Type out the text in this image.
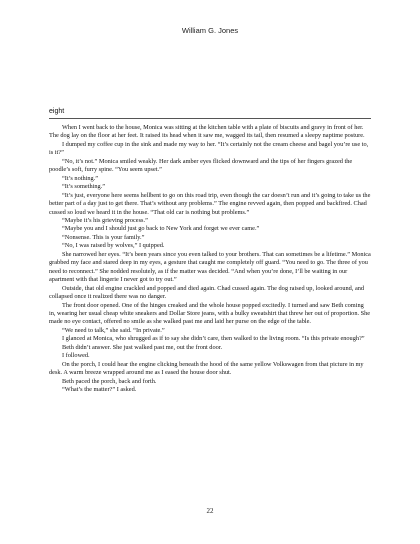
William G. Jones
eight

When I went back to the house, Monica was sitting at the kitchen table with a plate of biscuits and gravy in front of her. The dog lay on the floor at her feet. It raised its head when it saw me, wagged its tail, then resumed a sleepy naptime posture.

I dumped my coffee cup in the sink and made my way to her. “It’s certainly not the cream cheese and bagel you’re use to, is it?”

“No, it’s not.” Monica smiled weakly. Her dark amber eyes flicked downward and the tips of her fingers grazed the poodle’s soft, furry spine. “You seem upset.”

“It’s nothing.”

“It’s something.”

“It’s just, everyone here seems hellbent to go on this road trip, even though the car doesn’t run and it’s going to take us the better part of a day just to get there. That’s without any problems.” The engine revved again, then popped and backfired. Chad cussed so loud we heard it in the house. “That old car is nothing but problems.”

“Maybe it’s his grieving process.”

“Maybe you and I should just go back to New York and forget we ever came.”

“Nonsense. This is your family.”

“No, I was raised by wolves,” I quipped.

She narrowed her eyes. “It’s been years since you even talked to your brothers. That can sometimes be a lifetime.” Monica grabbed my face and stared deep in my eyes, a gesture that caught me completely off guard. “You need to go. The three of you need to reconnect.” She nodded resolutely, as if the matter was decided. “And when you’re done, I’ll be waiting in our apartment with that lingerie I never got to try out.”

Outside, that old engine crackled and popped and died again. Chad cussed again. The dog raised up, looked around, and collapsed once it realized there was no danger.

The front door opened. One of the hinges creaked and the whole house popped excitedly. I turned and saw Beth coming in, wearing her usual cheap white sneakers and Dollar Store jeans, with a bulky sweatshirt that threw her out of proportion. She made no eye contact, offered no smile as she walked past me and laid her purse on the edge of the table.

“We need to talk,” she said. “In private.”

I glanced at Monica, who shrugged as if to say she didn’t care, then walked to the living room. “Is this private enough?”

Beth didn’t answer. She just walked past me, out the front door.

I followed.

On the porch, I could hear the engine clicking beneath the hood of the same yellow Volkswagen from that picture in my desk. A warm breeze wrapped around me as I eased the house door shut.

Beth paced the porch, back and forth.

“What’s the matter?” I asked.

22
